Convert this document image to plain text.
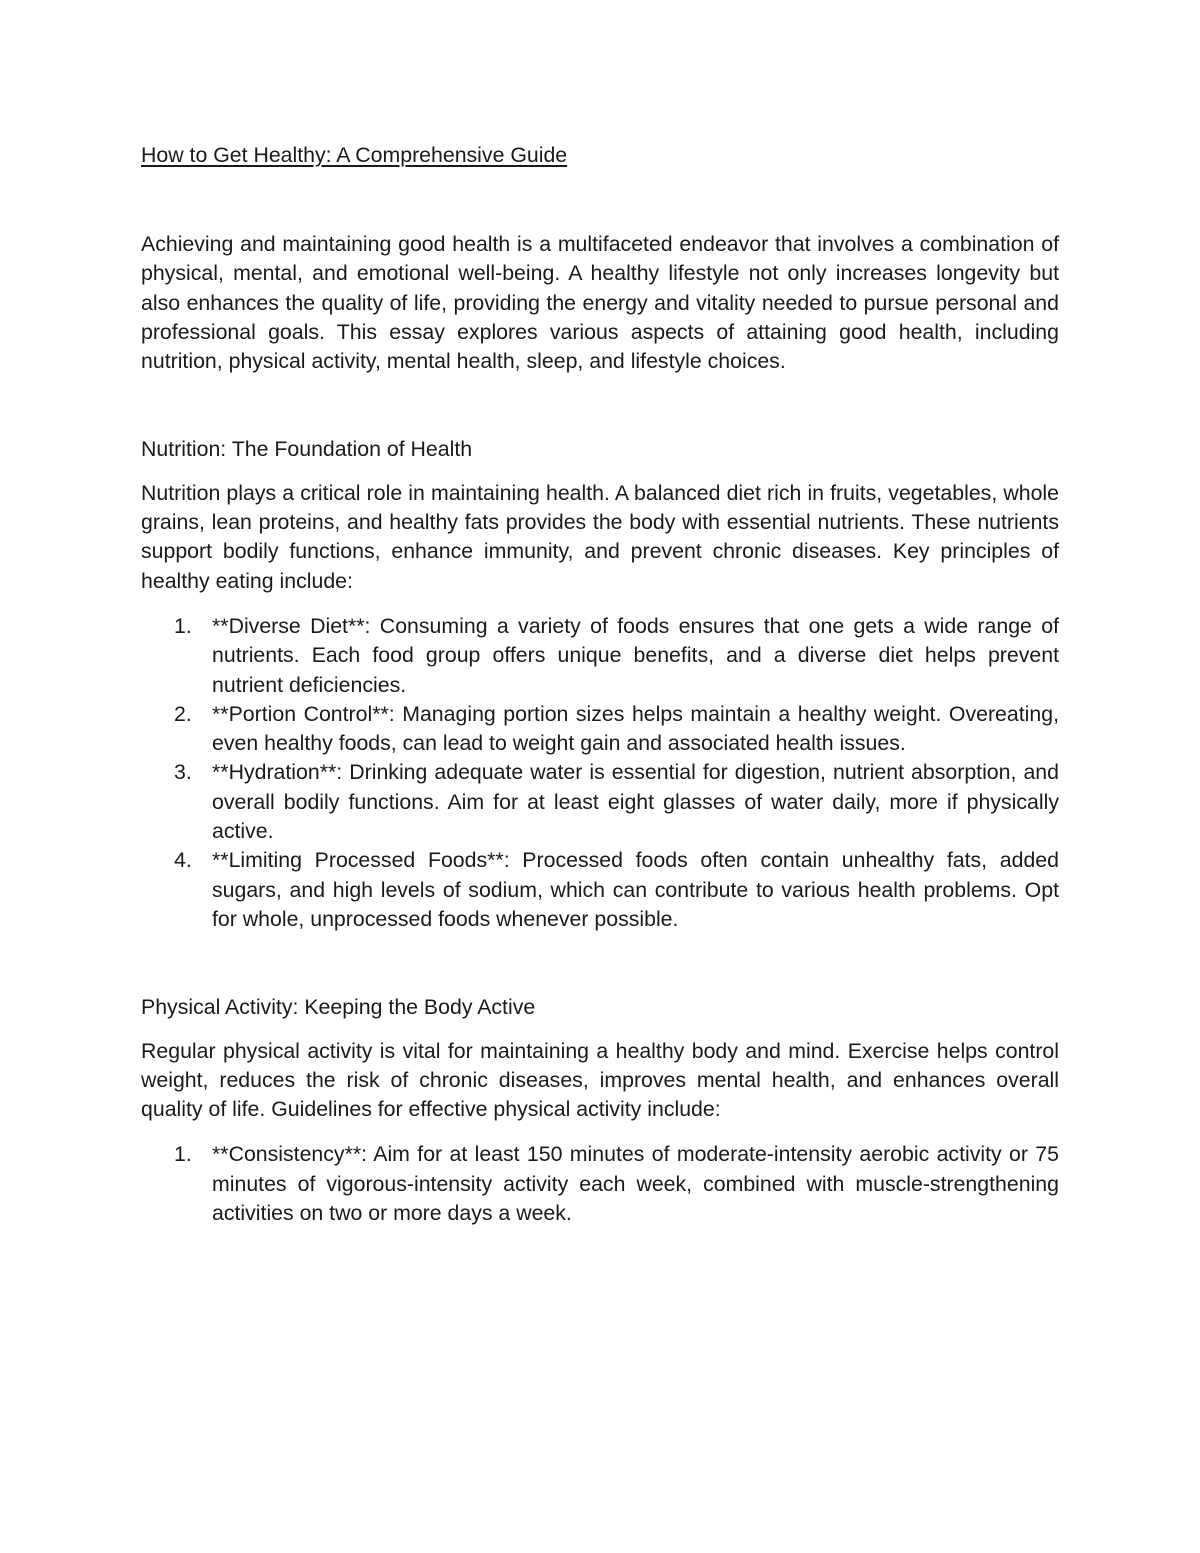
How to Get Healthy: A Comprehensive Guide

Achieving and maintaining good health is a multifaceted endeavor that involves a combination of physical, mental, and emotional well-being. A healthy lifestyle not only increases longevity but also enhances the quality of life, providing the energy and vitality needed to pursue personal and professional goals. This essay explores various aspects of attaining good health, including nutrition, physical activity, mental health, sleep, and lifestyle choices.

Nutrition: The Foundation of Health

Nutrition plays a critical role in maintaining health. A balanced diet rich in fruits, vegetables, whole grains, lean proteins, and healthy fats provides the body with essential nutrients. These nutrients support bodily functions, enhance immunity, and prevent chronic diseases. Key principles of healthy eating include:

1. **Diverse Diet**: Consuming a variety of foods ensures that one gets a wide range of nutrients. Each food group offers unique benefits, and a diverse diet helps prevent nutrient deficiencies.
2. **Portion Control**: Managing portion sizes helps maintain a healthy weight. Overeating, even healthy foods, can lead to weight gain and associated health issues.
3. **Hydration**: Drinking adequate water is essential for digestion, nutrient absorption, and overall bodily functions. Aim for at least eight glasses of water daily, more if physically active.
4. **Limiting Processed Foods**: Processed foods often contain unhealthy fats, added sugars, and high levels of sodium, which can contribute to various health problems. Opt for whole, unprocessed foods whenever possible.
Physical Activity: Keeping the Body Active

Regular physical activity is vital for maintaining a healthy body and mind. Exercise helps control weight, reduces the risk of chronic diseases, improves mental health, and enhances overall quality of life. Guidelines for effective physical activity include:

1. **Consistency**: Aim for at least 150 minutes of moderate-intensity aerobic activity or 75 minutes of vigorous-intensity activity each week, combined with muscle-strengthening activities on two or more days a week.
